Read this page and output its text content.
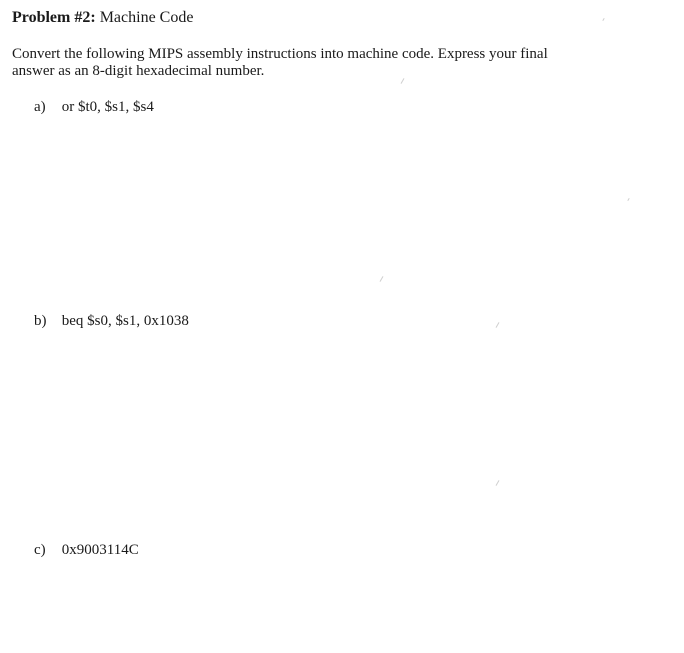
Problem #2: Machine Code
Convert the following MIPS assembly instructions into machine code. Express your final answer as an 8-digit hexadecimal number.
a) or $t0, $s1, $s4
b) beq $s0, $s1, 0x1038
c) 0x9003114C
